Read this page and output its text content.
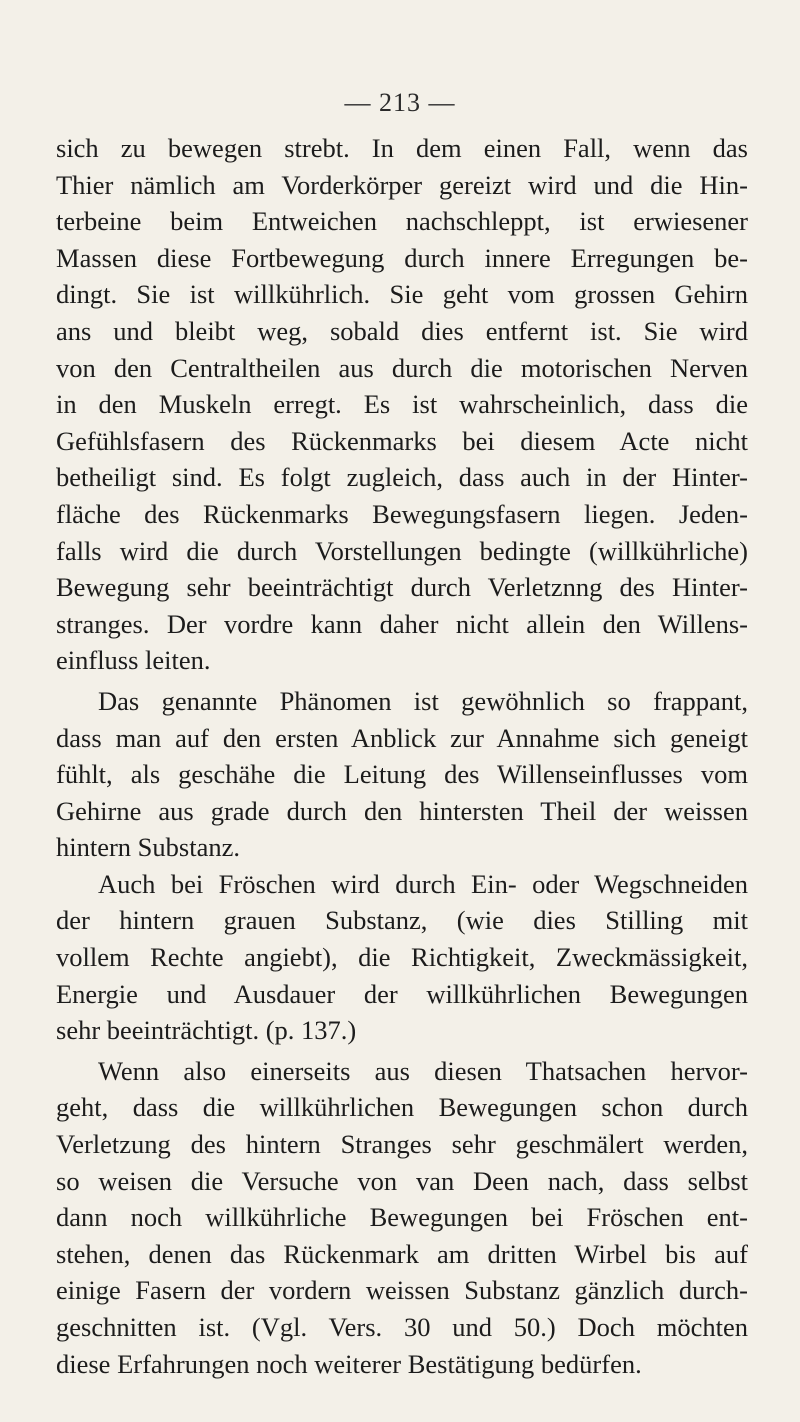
— 213 —

sich zu bewegen strebt. In dem einen Fall, wenn das
Thier nämlich am Vorderkörper gereizt wird und die Hin-
terbeine beim Entweichen nachschleppt, ist erwiesener
Massen diese Fortbewegung durch innere Erregungen be-
dingt. Sie ist willkührlich. Sie geht vom grossen Gehirn
ans und bleibt weg, sobald dies entfernt ist. Sie wird
von den Centraltheilen aus durch die motorischen Nerven
in den Muskeln erregt. Es ist wahrscheinlich, dass die
Gefühlsfasern des Rückenmarks bei diesem Acte nicht
betheiligt sind. Es folgt zugleich, dass auch in der Hinter-
fläche des Rückenmarks Bewegungsfasern liegen. Jeden-
falls wird die durch Vorstellungen bedingte (willkührliche)
Bewegung sehr beeinträchtigt durch Verletznng des Hinter-
stranges. Der vordre kann daher nicht allein den Willens-
einfluss leiten.

Das genannte Phänomen ist gewöhnlich so frappant,
dass man auf den ersten Anblick zur Annahme sich geneigt
fühlt, als geschähe die Leitung des Willenseinflusses vom
Gehirne aus grade durch den hintersten Theil der weissen
hintern Substanz.

Auch bei Fröschen wird durch Ein- oder Wegschneiden
der hintern grauen Substanz, (wie dies Stilling mit
vollem Rechte angiebt), die Richtigkeit, Zweckmässigkeit,
Energie und Ausdauer der willkührlichen Bewegungen
sehr beeinträchtigt. (p. 137.)

Wenn also einerseits aus diesen Thatsachen hervor-
geht, dass die willkührlichen Bewegungen schon durch
Verletzung des hintern Stranges sehr geschmälert werden,
so weisen die Versuche von van Deen nach, dass selbst
dann noch willkührliche Bewegungen bei Fröschen ent-
stehen, denen das Rückenmark am dritten Wirbel bis auf
einige Fasern der vordern weissen Substanz gänzlich durch-
geschnitten ist. (Vgl. Vers. 30 und 50.) Doch möchten
diese Erfahrungen noch weiterer Bestätigung bedürfen.
